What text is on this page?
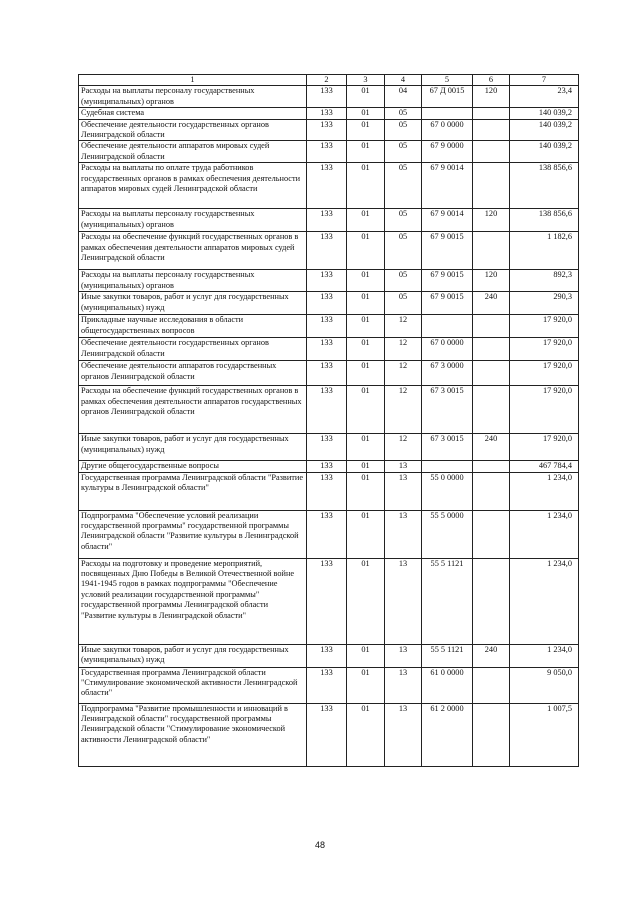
1	2	3	4	5	6	7
Расходы на выплаты персоналу государственных (муниципальных) органов	133	01	04	67 Д 0015	120	23,4
Судебная система	133	01	05			140 039,2
Обеспечение деятельности государственных органов Ленинградской области	133	01	05	67 0 0000		140 039,2
Обеспечение деятельности аппаратов мировых судей Ленинградской области	133	01	05	67 9 0000		140 039,2
Расходы на выплаты по оплате труда работников государственных органов в рамках обеспечения деятельности аппаратов мировых судей Ленинградской области	133	01	05	67 9 0014		138 856,6
Расходы на выплаты персоналу государственных (муниципальных) органов	133	01	05	67 9 0014	120	138 856,6
Расходы на обеспечение функций государственных органов в рамках обеспечения деятельности аппаратов мировых судей Ленинградской области	133	01	05	67 9 0015		1 182,6
Расходы на выплаты персоналу государственных (муниципальных) органов	133	01	05	67 9 0015	120	892,3
Иные закупки товаров, работ и услуг для государственных (муниципальных) нужд	133	01	05	67 9 0015	240	290,3
Прикладные научные исследования в области общегосударственных вопросов	133	01	12			17 920,0
Обеспечение деятельности государственных органов Ленинградской области	133	01	12	67 0 0000		17 920,0
Обеспечение деятельности аппаратов государственных органов Ленинградской области	133	01	12	67 3 0000		17 920,0
Расходы на обеспечение функций государственных органов в рамках обеспечения деятельности аппаратов государственных органов Ленинградской области	133	01	12	67 3 0015		17 920,0
Иные закупки товаров, работ и услуг для государственных (муниципальных) нужд	133	01	12	67 3 0015	240	17 920,0
Другие общегосударственные вопросы	133	01	13			467 784,4
Государственная программа Ленинградской области "Развитие культуры в Ленинградской области"	133	01	13	55 0 0000		1 234,0
Подпрограмма "Обеспечение условий реализации государственной программы" государственной программы Ленинградской области "Развитие культуры в Ленинградской области"	133	01	13	55 5 0000		1 234,0
Расходы на подготовку и проведение мероприятий, посвященных Дню Победы в Великой Отечественной войне 1941-1945 годов в рамках подпрограммы "Обеспечение условий реализации государственной программы" государственной программы Ленинградской области "Развитие культуры в Ленинградской области"	133	01	13	55 5 1121		1 234,0
Иные закупки товаров, работ и услуг для государственных (муниципальных) нужд	133	01	13	55 5 1121	240	1 234,0
Государственная программа Ленинградской области "Стимулирование экономической активности Ленинградской области"	133	01	13	61 0 0000		9 050,0
Подпрограмма "Развитие промышленности и инноваций в Ленинградской области" государственной программы Ленинградской области "Стимулирование экономической активности Ленинградской области"	133	01	13	61 2 0000		1 007,5
48
